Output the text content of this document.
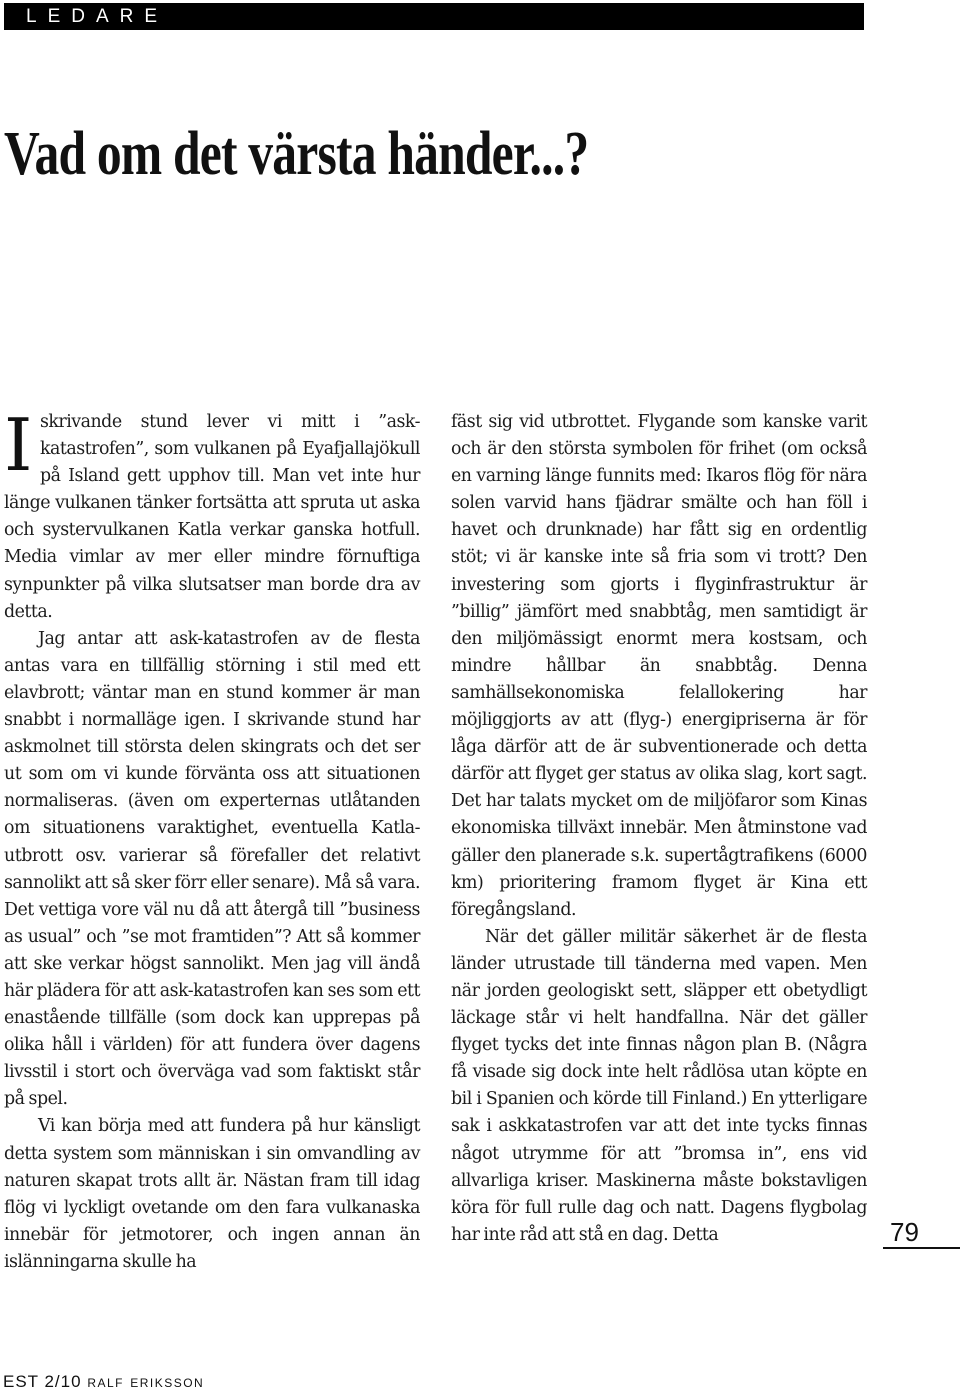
LEDARE
Vad om det värsta händer...?

Iskrivande stund lever vi mitt i ”ask-katastrofen”, som vulkanen på Eyafjallajökull på Island gett upphov till. Man vet inte hur länge vulkanen tänker fortsätta att spruta ut aska och systervulkanen Katla verkar ganska hotfull. Media vimlar av mer eller mindre förnuftiga synpunkter på vilka slutsatser man borde dra av detta.

Jag antar att ask-katastrofen av de flesta antas vara en tillfällig störning i stil med ett elavbrott; väntar man en stund kommer är man snabbt i normalläge igen. I skrivande stund har askmolnet till största delen skingrats och det ser ut som om vi kunde förvänta oss att situationen normaliseras. (även om experternas utlåtanden om situationens varaktighet, eventuella Katla-utbrott osv. varierar så förefaller det relativt sannolikt att så sker förr eller senare). Må så vara. Det vettiga vore väl nu då att återgå till ”business as usual” och ”se mot framtiden”? Att så kommer att ske verkar högst sannolikt. Men jag vill ändå här plädera för att ask-katastrofen kan ses som ett enastående tillfälle (som dock kan upprepas på olika håll i världen) för att fundera över dagens livsstil i stort och överväga vad som faktiskt står på spel.

Vi kan börja med att fundera på hur känsligt detta system som människan i sin omvandling av naturen skapat trots allt är. Nästan fram till idag flög vi lyckligt ovetande om den fara vulkanaska innebär för jetmotorer, och ingen annan än islänningarna skulle ha

fäst sig vid utbrottet. Flygande som kanske varit och är den största symbolen för frihet (om också en varning länge funnits med: Ikaros flög för nära solen varvid hans fjädrar smälte och han föll i havet och drunknade) har fått sig en ordentlig stöt; vi är kanske inte så fria som vi trott? Den investering som gjorts i flyginfrastruktur är ”billig” jämfört med snabbtåg, men samtidigt är den miljömässigt enormt mera kostsam, och mindre hållbar än snabbtåg. Denna samhällsekonomiska felallokering har möjliggjorts av att (flyg-) energipriserna är för låga därför att de är subventionerade och detta därför att flyget ger status av olika slag, kort sagt. Det har talats mycket om de miljöfaror som Kinas ekonomiska tillväxt innebär. Men åtminstone vad gäller den planerade s.k. supertågtrafikens (6000 km) prioritering framom flyget är Kina ett föregångsland.

När det gäller militär säkerhet är de flesta länder utrustade till tänderna med vapen. Men när jorden geologiskt sett, släpper ett obetydligt läckage står vi helt handfallna. När det gäller flyget tycks det inte finnas någon plan B. (Några få visade sig dock inte helt rådlösa utan köpte en bil i Spanien och körde till Finland.) En ytterligare sak i askkatastrofen var att det inte tycks finnas något utrymme för att ”bromsa in”, ens vid allvarliga kriser. Maskinerna måste bokstavligen köra för full rulle dag och natt. Dagens flygbolag har inte råd att stå en dag. Detta	79
EST 2/10 ralf eriksson
